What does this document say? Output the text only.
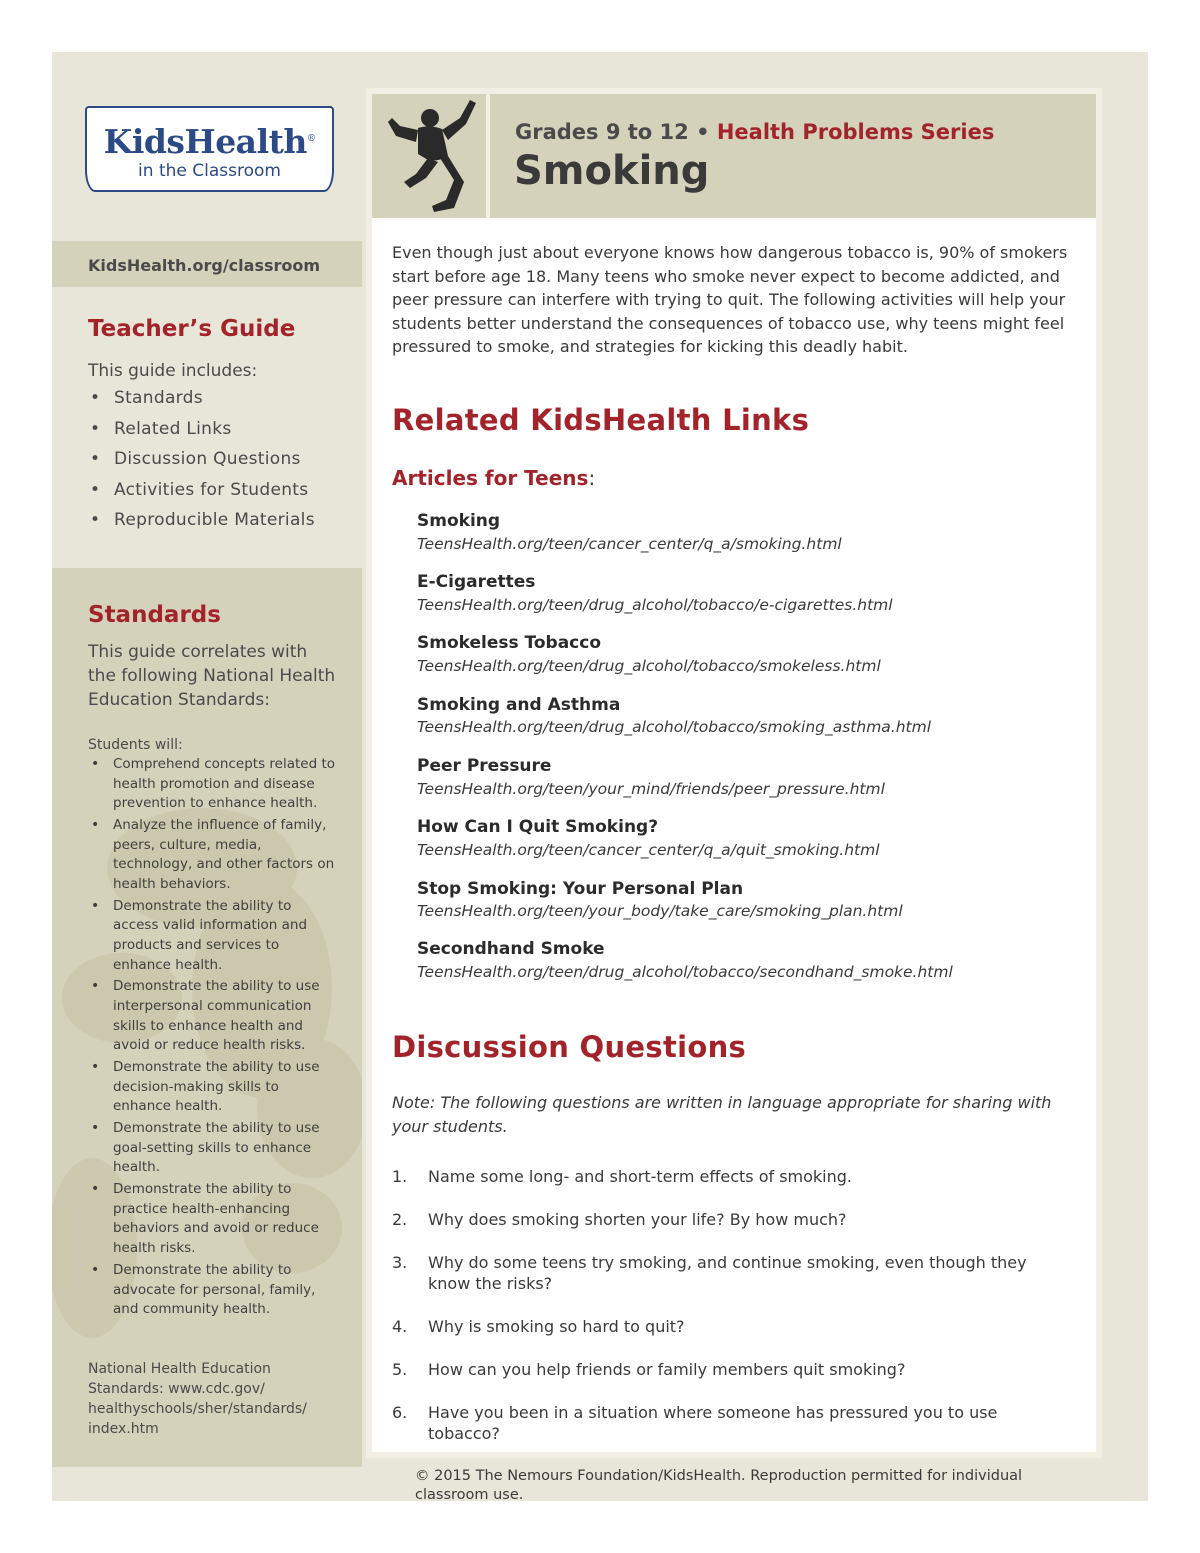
KidsHealth®
in the Classroom
KidsHealth.org/classroom
Teacher’s Guide
This guide includes:
• Standards
• Related Links
• Discussion Questions
• Activities for Students
• Reproducible Materials
Standards
This guide correlates with the following National Health Education Standards:
Students will:
• Comprehend concepts related to health promotion and disease prevention to enhance health.
• Analyze the influence of family, peers, culture, media, technology, and other factors on health behaviors.
• Demonstrate the ability to access valid information and products and services to enhance health.
• Demonstrate the ability to use interpersonal communication skills to enhance health and avoid or reduce health risks.
• Demonstrate the ability to use decision-making skills to enhance health.
• Demonstrate the ability to use goal-setting skills to enhance health.
• Demonstrate the ability to practice health-enhancing behaviors and avoid or reduce health risks.
• Demonstrate the ability to advocate for personal, family, and community health.
National Health Education Standards: www.cdc.gov/ healthyschools/sher/standards/ index.htm
Grades 9 to 12 • Health Problems Series
Smoking
Even though just about everyone knows how dangerous tobacco is, 90% of smokers start before age 18. Many teens who smoke never expect to become addicted, and peer pressure can interfere with trying to quit. The following activities will help your students better understand the consequences of tobacco use, why teens might feel pressured to smoke, and strategies for kicking this deadly habit.
Related KidsHealth Links
Articles for Teens:
Smoking
TeensHealth.org/teen/cancer_center/q_a/smoking.html
E-Cigarettes
TeensHealth.org/teen/drug_alcohol/tobacco/e-cigarettes.html
Smokeless Tobacco
TeensHealth.org/teen/drug_alcohol/tobacco/smokeless.html
Smoking and Asthma
TeensHealth.org/teen/drug_alcohol/tobacco/smoking_asthma.html
Peer Pressure
TeensHealth.org/teen/your_mind/friends/peer_pressure.html
How Can I Quit Smoking?
TeensHealth.org/teen/cancer_center/q_a/quit_smoking.html
Stop Smoking: Your Personal Plan
TeensHealth.org/teen/your_body/take_care/smoking_plan.html
Secondhand Smoke
TeensHealth.org/teen/drug_alcohol/tobacco/secondhand_smoke.html
Discussion Questions
Note: The following questions are written in language appropriate for sharing with your students.
1. Name some long- and short-term effects of smoking.
2. Why does smoking shorten your life? By how much?
3. Why do some teens try smoking, and continue smoking, even though they know the risks?
4. Why is smoking so hard to quit?
5. How can you help friends or family members quit smoking?
6. Have you been in a situation where someone has pressured you to use tobacco?
© 2015 The Nemours Foundation/KidsHealth. Reproduction permitted for individual classroom use.
